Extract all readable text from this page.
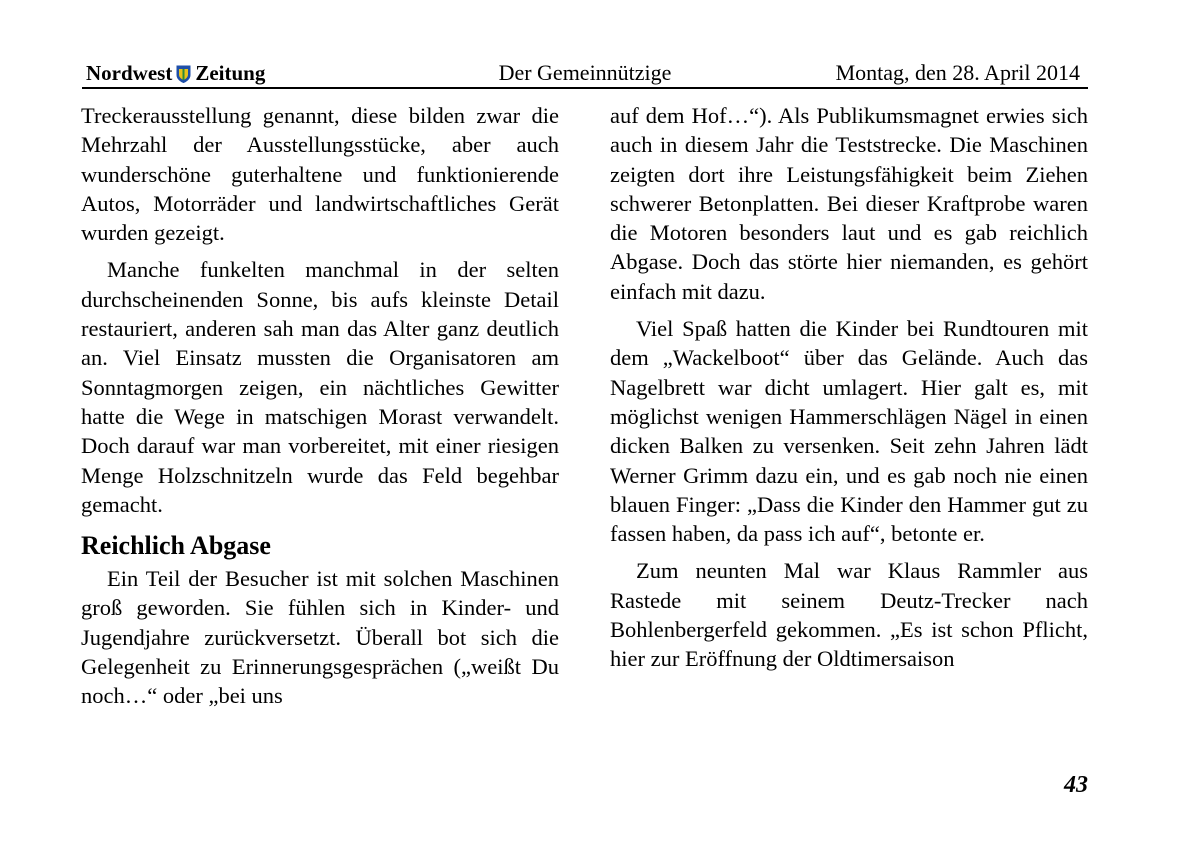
Nordwest Zeitung	Der Gemeinnützige	Montag, den 28. April 2014

Treckerausstellung genannt, diese bilden zwar die Mehrzahl der Ausstellungsstücke, aber auch wunderschöne guterhaltene und funktionierende Autos, Motorräder und landwirtschaftliches Gerät wurden gezeigt.

Manche funkelten manchmal in der selten durchscheinenden Sonne, bis aufs kleinste Detail restauriert, anderen sah man das Alter ganz deutlich an. Viel Einsatz mussten die Organisatoren am Sonntagmorgen zeigen, ein nächtliches Gewitter hatte die Wege in matschigen Morast verwandelt. Doch darauf war man vorbereitet, mit einer riesigen Menge Holzschnitzeln wurde das Feld begehbar gemacht.

Reichlich Abgase

Ein Teil der Besucher ist mit solchen Maschinen groß geworden. Sie fühlen sich in Kinder- und Jugendjahre zurückversetzt. Überall bot sich die Gelegenheit zu Erinnerungsgesprächen („weißt Du noch…“ oder „bei uns

auf dem Hof…“). Als Publikumsmagnet erwies sich auch in diesem Jahr die Teststrecke. Die Maschinen zeigten dort ihre Leistungsfähigkeit beim Ziehen schwerer Betonplatten. Bei dieser Kraftprobe waren die Motoren besonders laut und es gab reichlich Abgase. Doch das störte hier niemanden, es gehört einfach mit dazu.

Viel Spaß hatten die Kinder bei Rundtouren mit dem „Wackelboot“ über das Gelände. Auch das Nagelbrett war dicht umlagert. Hier galt es, mit möglichst wenigen Hammerschlägen Nägel in einen dicken Balken zu versenken. Seit zehn Jahren lädt Werner Grimm dazu ein, und es gab noch nie einen blauen Finger: „Dass die Kinder den Hammer gut zu fassen haben, da pass ich auf“, betonte er.

Zum neunten Mal war Klaus Rammler aus Rastede mit seinem Deutz-Trecker nach Bohlenbergerfeld gekommen. „Es ist schon Pflicht, hier zur Eröffnung der Oldtimersaison

43
